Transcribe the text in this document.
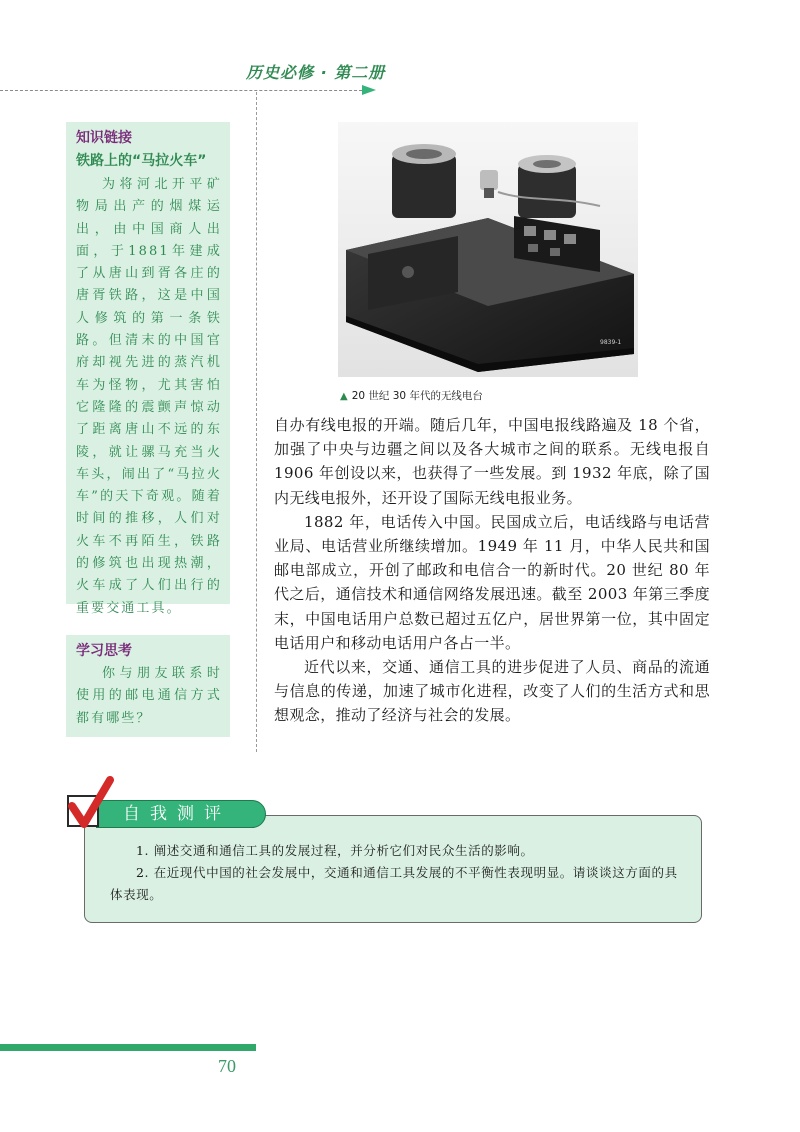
历史必修 · 第二册
知识链接
铁路上的“马拉火车”
为将河北开平矿物局出产的烟煤运出，由中国商人出面，于1881年建成了从唐山到胥各庄的唐胥铁路，这是中国人修筑的第一条铁路。但清末的中国官府却视先进的蒸汽机车为怪物，尤其害怕它隆隆的震颤声惊动了距离唐山不远的东陵，就让骡马充当火车头，闹出了“马拉火车”的天下奇观。随着时间的推移，人们对火车不再陌生，铁路的修筑也出现热潮，火车成了人们出行的重要交通工具。
学习思考
你与朋友联系时使用的邮电通信方式都有哪些？
9839-1
▲ 20 世纪 30 年代的无线电台

自办有线电报的开端。随后几年，中国电报线路遍及 18 个省，加强了中央与边疆之间以及各大城市之间的联系。无线电报自 1906 年创设以来，也获得了一些发展。到 1932 年底，除了国内无线电报外，还开设了国际无线电报业务。

1882 年，电话传入中国。民国成立后，电话线路与电话营业局、电话营业所继续增加。1949 年 11 月，中华人民共和国邮电部成立，开创了邮政和电信合一的新时代。20 世纪 80 年代之后，通信技术和通信网络发展迅速。截至 2003 年第三季度末，中国电话用户总数已超过五亿户，居世界第一位，其中固定电话用户和移动电话用户各占一半。

近代以来，交通、通信工具的进步促进了人员、商品的流通与信息的传递，加速了城市化进程，改变了人们的生活方式和思想观念，推动了经济与社会的发展。

自我测评
1. 阐述交通和通信工具的发展过程，并分析它们对民众生活的影响。
2. 在近现代中国的社会发展中，交通和通信工具发展的不平衡性表现明显。请谈谈这方面的具体表现。
70
